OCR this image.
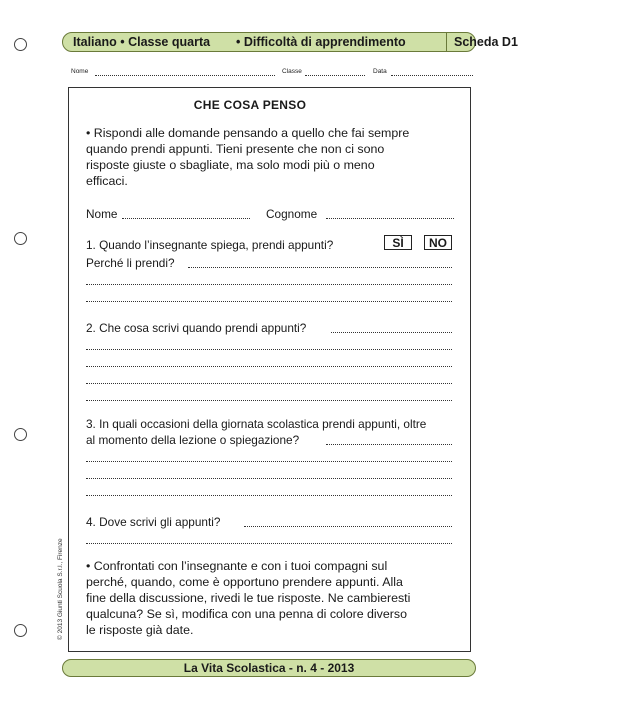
Italiano • Classe quarta • Difficoltà di apprendimento	Scheda D1
Nome	Classe	Data
CHE COSA PENSO
• Rispondi alle domande pensando a quello che fai sempre
quando prendi appunti. Tieni presente che non ci sono
risposte giuste o sbagliate, ma solo modi più o meno
efficaci.
Nome	Cognome
1. Quando l’insegnante spiega, prendi appunti?	SÌ	NO
Perché li prendi?
2. Che cosa scrivi quando prendi appunti?
3. In quali occasioni della giornata scolastica prendi appunti, oltre
al momento della lezione o spiegazione?
4. Dove scrivi gli appunti?
• Confrontati con l’insegnante e con i tuoi compagni sul
perché, quando, come è opportuno prendere appunti. Alla
fine della discussione, rivedi le tue risposte. Ne cambieresti
qualcuna? Se sì, modifica con una penna di colore diverso
le risposte già date.
© 2013 Giunti Scuola S.r.l., Firenze
La Vita Scolastica - n. 4 - 2013
